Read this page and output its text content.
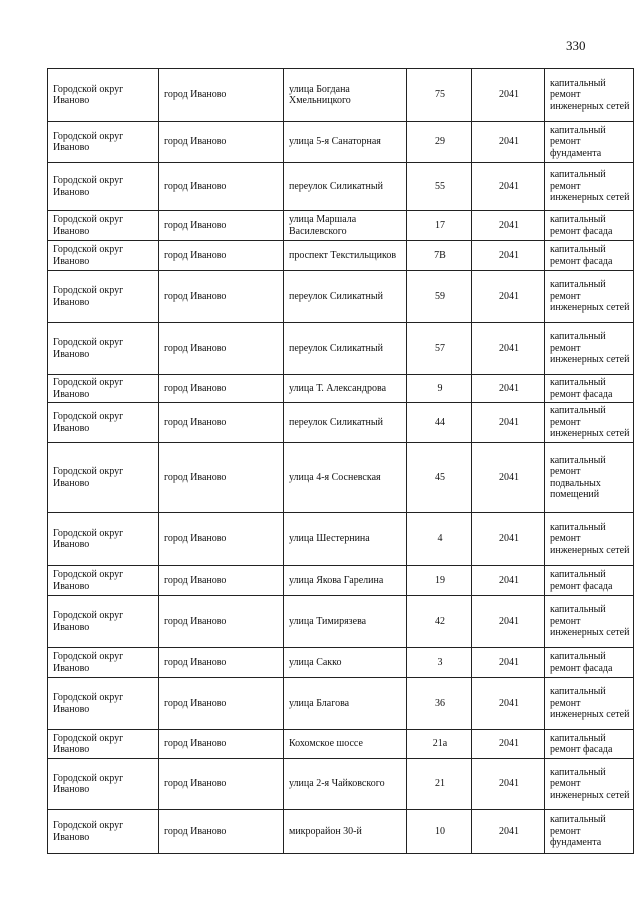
330
Городской округ Иваново	город Иваново	улица Богдана Хмельницкого	75	2041	капитальный ремонт инженерных сетей
Городской округ Иваново	город Иваново	улица 5-я Санаторная	29	2041	капитальный ремонт фундамента
Городской округ Иваново	город Иваново	переулок Силикатный	55	2041	капитальный ремонт инженерных сетей
Городской округ Иваново	город Иваново	улица Маршала Василевского	17	2041	капитальный ремонт фасада
Городской округ Иваново	город Иваново	проспект Текстильщиков	7В	2041	капитальный ремонт фасада
Городской округ Иваново	город Иваново	переулок Силикатный	59	2041	капитальный ремонт инженерных сетей
Городской округ Иваново	город Иваново	переулок Силикатный	57	2041	капитальный ремонт инженерных сетей
Городской округ Иваново	город Иваново	улица Т. Александрова	9	2041	капитальный ремонт фасада
Городской округ Иваново	город Иваново	переулок Силикатный	44	2041	капитальный ремонт инженерных сетей
Городской округ Иваново	город Иваново	улица 4-я Сосневская	45	2041	капитальный ремонт подвальных помещений
Городской округ Иваново	город Иваново	улица Шестернина	4	2041	капитальный ремонт инженерных сетей
Городской округ Иваново	город Иваново	улица Якова Гарелина	19	2041	капитальный ремонт фасада
Городской округ Иваново	город Иваново	улица Тимирязева	42	2041	капитальный ремонт инженерных сетей
Городской округ Иваново	город Иваново	улица Сакко	3	2041	капитальный ремонт фасада
Городской округ Иваново	город Иваново	улица Благова	36	2041	капитальный ремонт инженерных сетей
Городской округ Иваново	город Иваново	Кохомское шоссе	21а	2041	капитальный ремонт фасада
Городской округ Иваново	город Иваново	улица 2-я Чайковского	21	2041	капитальный ремонт инженерных сетей
Городской округ Иваново	город Иваново	микрорайон 30-й	10	2041	капитальный ремонт фундамента
